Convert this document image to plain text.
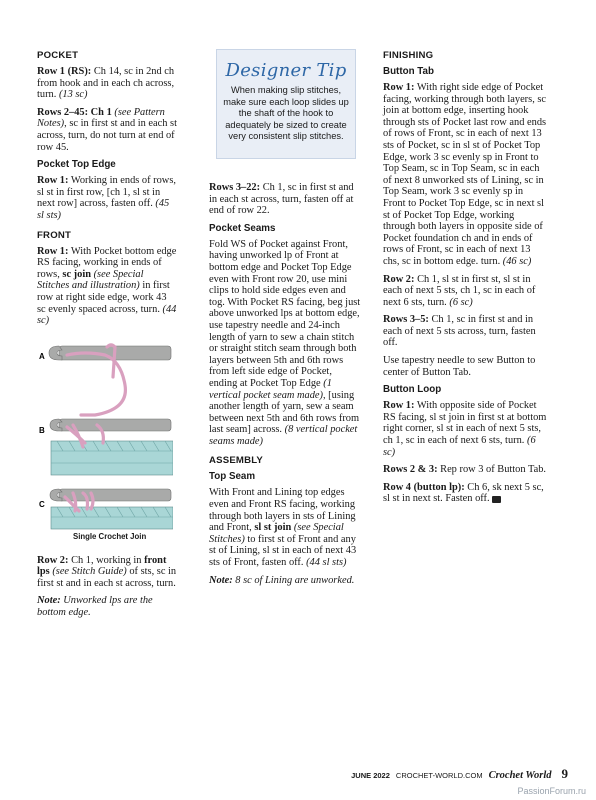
Designer Tip
When making slip stitches, make sure each loop slides up the shaft of the hook to adequately be sized to create very consistent slip stitches.
POCKET

Row 1 (RS): Ch 14, sc in 2nd ch from hook and in each ch across, turn. (13 sc)

Rows 2–45: Ch 1 (see Pattern Notes), sc in first st and in each st across, turn, do not turn at end of row 45.

Pocket Top Edge

Row 1: Working in ends of rows, sl st in first row, [ch 1, sl st in next row] across, fasten off. (45 sl sts)

FRONT

Row 1: With Pocket bottom edge RS facing, working in ends of rows, sc join (see Special Stitches and illustration) in first row at right side edge, work 43 sc evenly spaced across, turn. (44 sc)

A
B
C
Single Crochet Join

Row 2: Ch 1, working in front lps (see Stitch Guide) of sts, sc in first st and in each st across, turn.

Note: Unworked lps are the bottom edge.

Rows 3–22: Ch 1, sc in first st and in each st across, turn, fasten off at end of row 22.

Pocket Seams

Fold WS of Pocket against Front, having unworked lp of Front at bottom edge and Pocket Top Edge even with Front row 20, use mini clips to hold side edges even and tog. With Pocket RS facing, beg just above unworked lps at bottom edge, use tapestry needle and 24-inch length of yarn to sew a chain stitch or straight stitch seam through both layers between 5th and 6th rows from left side edge of Pocket, ending at Pocket Top Edge (1 vertical pocket seam made), [using another length of yarn, sew a seam between next 5th and 6th rows from last seam] across. (8 vertical pocket seams made)

ASSEMBLY
Top Seam

With Front and Lining top edges even and Front RS facing, working through both layers in sts of Lining and Front, sl st join (see Special Stitches) to first st of Front and any st of Lining, sl st in each of next 43 sts of Front, fasten off. (44 sl sts)

Note: 8 sc of Lining are unworked.

FINISHING
Button Tab

Row 1: With right side edge of Pocket facing, working through both layers, sc join at bottom edge, inserting hook through sts of Pocket last row and ends of rows of Front, sc in each of next 13 sts of Pocket, sc in sl st of Pocket Top Edge, work 3 sc evenly sp in Front to Top Seam, sc in Top Seam, sc in each of next 8 unworked sts of Lining, sc in Top Seam, work 3 sc evenly sp in Front to Pocket Top Edge, sc in next sl st of Pocket Top Edge, working through both layers in opposite side of Pocket foundation ch and in ends of rows of Front, sc in each of next 13 chs, sc in bottom edge. turn. (46 sc)

Row 2: Ch 1, sl st in first st, sl st in each of next 5 sts, ch 1, sc in each of next 6 sts, turn. (6 sc)

Rows 3–5: Ch 1, sc in first st and in each of next 5 sts across, turn, fasten off.

Use tapestry needle to sew Button to center of Button Tab.

Button Loop

Row 1: With opposite side of Pocket RS facing, sl st join in first st at bottom right corner, sl st in each of next 5 sts, ch 1, sc in each of next 6 sts, turn. (6 sc)

Rows 2 & 3: Rep row 3 of Button Tab.

Row 4 (button lp): Ch 6, sk next 5 sc, sl st in next st. Fasten off.

JUNE 2022 CROCHET-WORLD.COM Crochet World 9
PassionForum.ru
